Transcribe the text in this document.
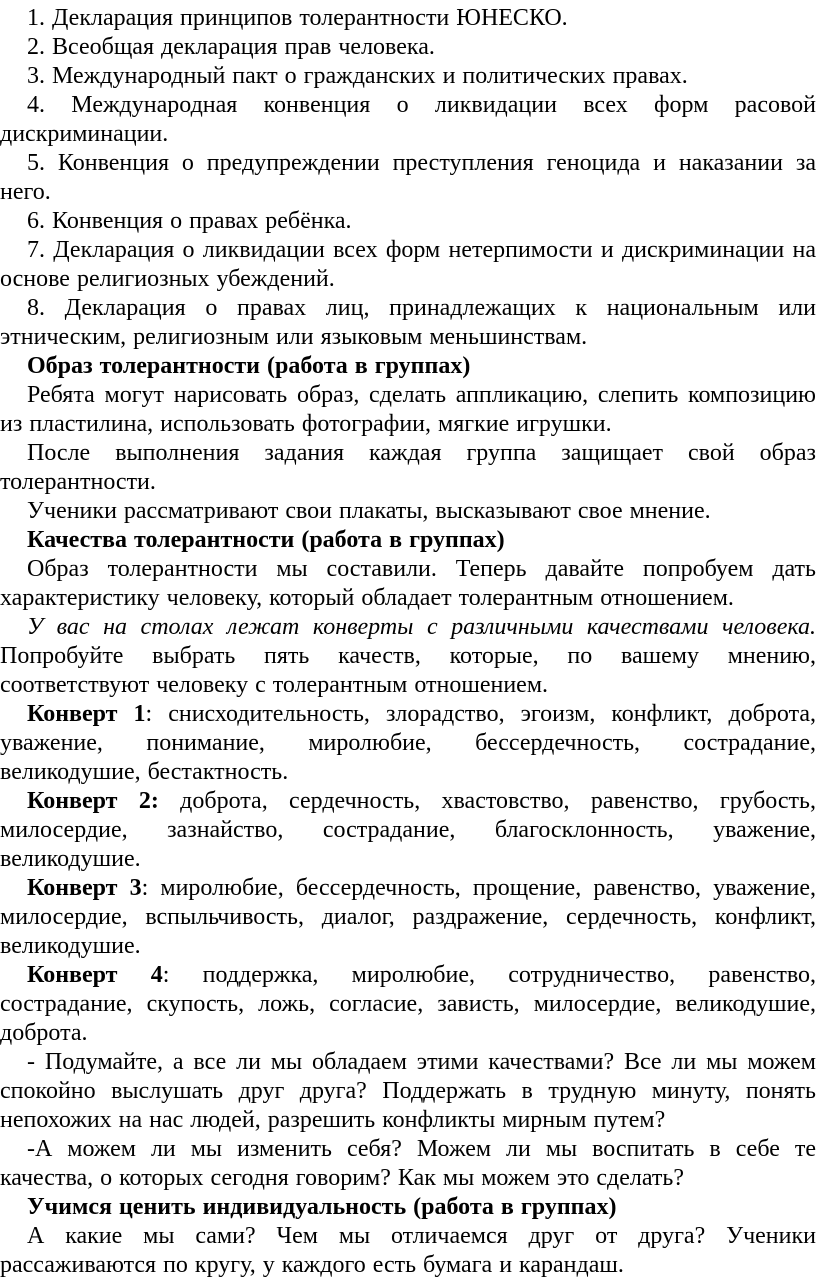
1. Декларация принципов толерантности ЮНЕСКО.

2. Всеобщая декларация прав человека.

3. Международный пакт о гражданских и политических правах.

4. Международная конвенция о ликвидации всех форм расовой дискриминации.

5. Конвенция о предупреждении преступления геноцида и наказании за него.

6. Конвенция о правах ребёнка.

7. Декларация о ликвидации всех форм нетерпимости и дискриминации на основе религиозных убеждений.

8. Декларация о правах лиц, принадлежащих к национальным или этническим, религиозным или языковым меньшинствам.

Образ толерантности (работа в группах)

Ребята могут нарисовать образ, сделать аппликацию, слепить композицию из пластилина, использовать фотографии, мягкие игрушки.

После выполнения задания каждая группа защищает свой образ толерантности.

Ученики рассматривают свои плакаты, высказывают свое мнение.

Качества толерантности (работа в группах)

Образ толерантности мы составили. Теперь давайте попробуем дать характеристику человеку, который обладает толерантным отношением.

У вас на столах лежат конверты с различными качествами человека. Попробуйте выбрать пять качеств, которые, по вашему мнению, соответствуют человеку с толерантным отношением.

Конверт 1: снисходительность, злорадство, эгоизм, конфликт, доброта, уважение, понимание, миролюбие, бессердечность, сострадание, великодушие, бестактность.

Конверт 2: доброта, сердечность, хвастовство, равенство, грубость, милосердие, зазнайство, сострадание, благосклонность, уважение, великодушие.

Конверт 3: миролюбие, бессердечность, прощение, равенство, уважение, милосердие, вспыльчивость, диалог, раздражение, сердечность, конфликт, великодушие.

Конверт 4: поддержка, миролюбие, сотрудничество, равенство, сострадание, скупость, ложь, согласие, зависть, милосердие, великодушие, доброта.

- Подумайте, а все ли мы обладаем этими качествами? Все ли мы можем спокойно выслушать друг друга? Поддержать в трудную минуту, понять непохожих на нас людей, разрешить конфликты мирным путем?

-А можем ли мы изменить себя? Можем ли мы воспитать в себе те качества, о которых сегодня говорим? Как мы можем это сделать?

Учимся ценить индивидуальность (работа в группах)

А какие мы сами? Чем мы отличаемся друг от друга? Ученики рассаживаются по кругу, у каждого есть бумага и карандаш.
